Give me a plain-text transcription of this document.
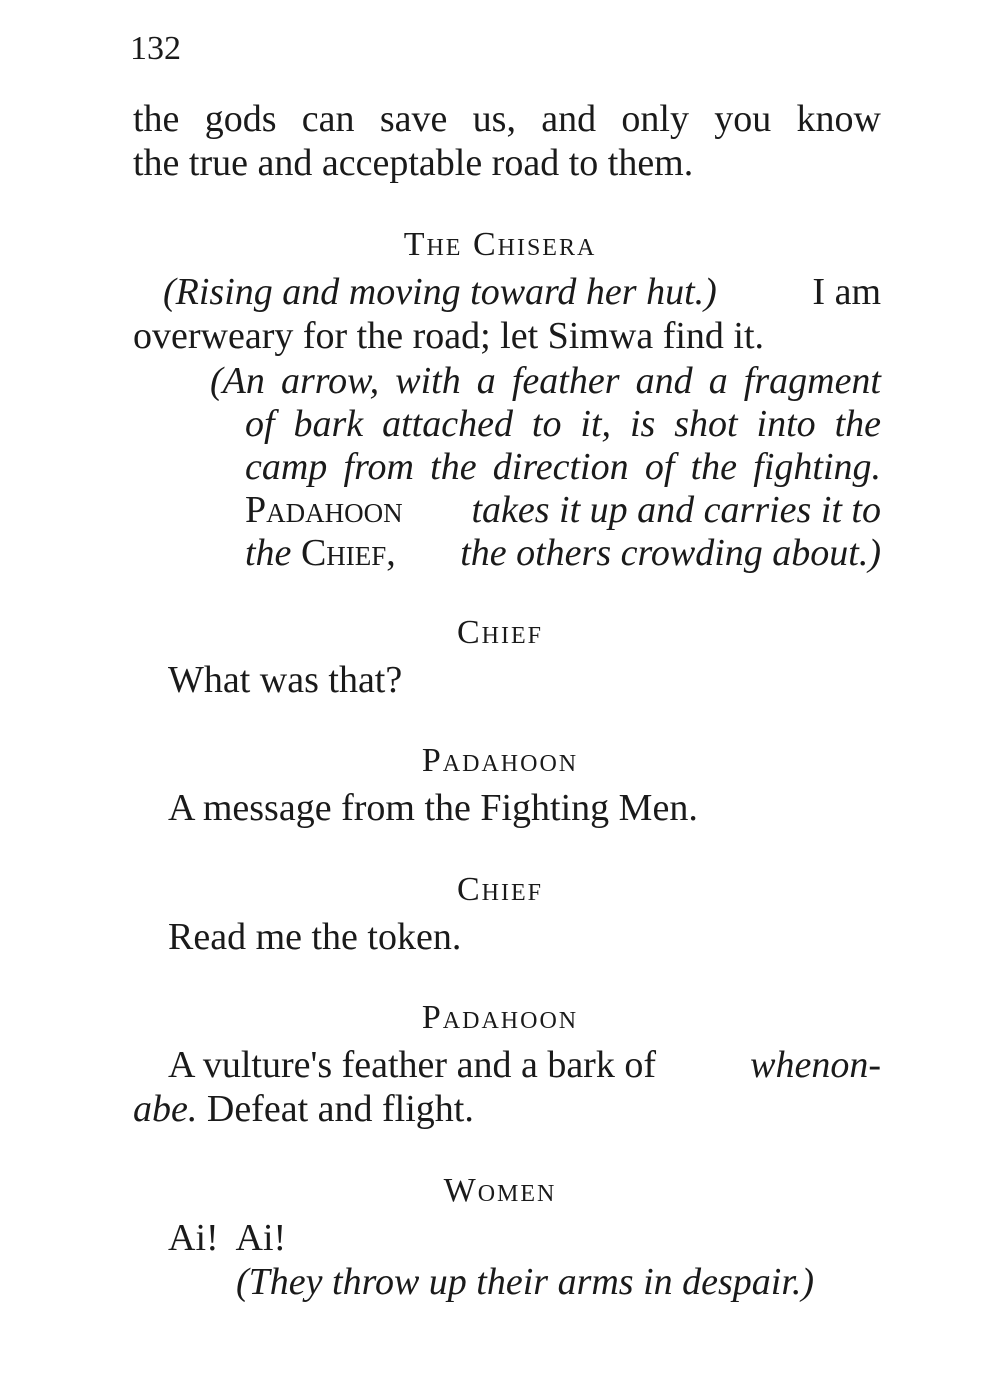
132
the gods can save us, and only you know
the true and acceptable road to them.
The Chisera
(Rising and moving toward her hut.)	I am
overweary for the road; let Simwa find it.
(An arrow, with a feather and a fragment
of bark attached to it, is shot into the
camp from the direction of the fighting.
Padahoon takes it up and carries it to
the Chief, the others crowding about.)
Chief
What was that?
Padahoon
A message from the Fighting Men.
Chief
Read me the token.
Padahoon
A vulture's feather and a bark of whenon-
abe. Defeat and flight.
Women
Ai!  Ai!
(They throw up their arms in despair.)
